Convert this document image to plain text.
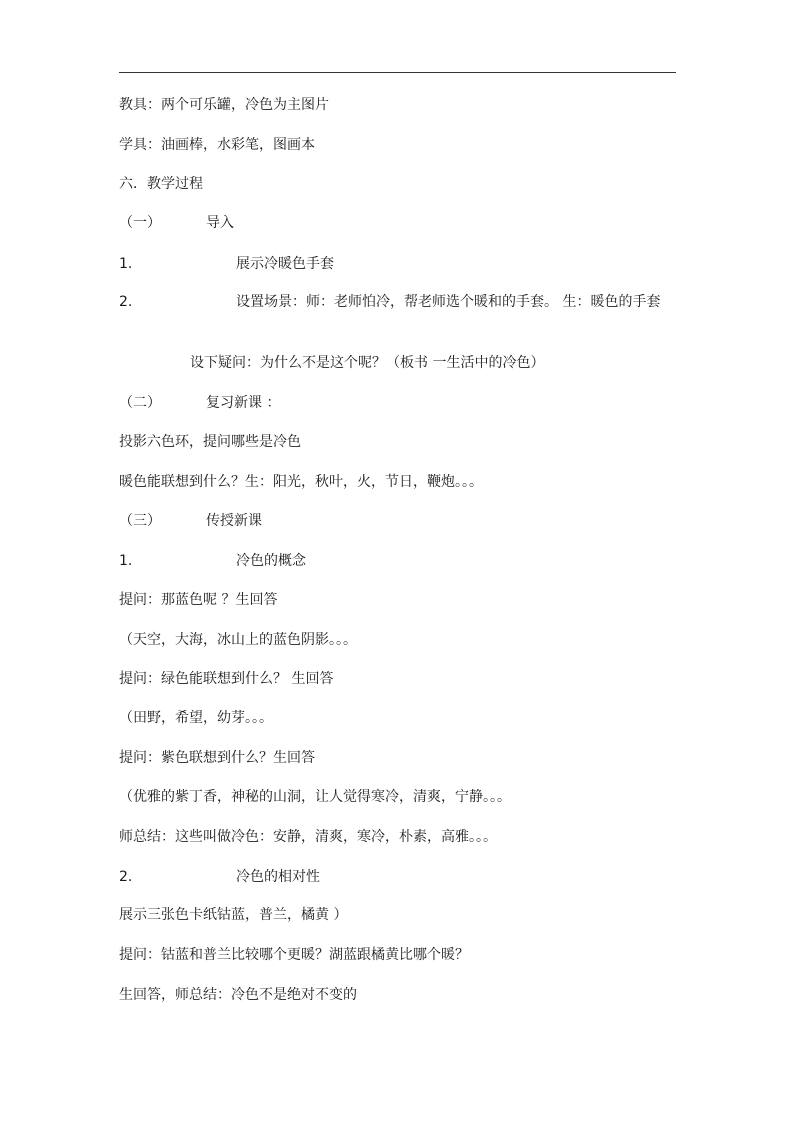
教具：两个可乐罐，冷色为主图片
学具：油画棒，水彩笔，图画本
六．教学过程
（一）	导入
1.	展示冷暖色手套
2.	设置场景：师：老师怕冷，帮老师选个暖和的手套。 生：暖色的手套
设下疑问：为什么不是这个呢？（板书 一生活中的冷色）
（二）	复习新课 ：
投影六色环，提问哪些是冷色
暖色能联想到什么？生：阳光，秋叶，火，节日，鞭炮。。。
（三）	传授新课
1.	冷色的概念
提问：那蓝色呢 ？生回答
（天空，大海，冰山上的蓝色阴影。。。
提问：绿色能联想到什么？ 生回答
（田野，希望，幼芽。。。
提问：紫色联想到什么？生回答
（优雅的紫丁香，神秘的山洞，让人觉得寒冷，清爽，宁静。。。
师总结：这些叫做冷色：安静，清爽，寒冷，朴素，高雅。。。
2.	冷色的相对性
展示三张色卡纸钴蓝，普兰，橘黄 ）
提问：钴蓝和普兰比较哪个更暖？湖蓝跟橘黄比哪个暖？
生回答，师总结：冷色不是绝对不变的
